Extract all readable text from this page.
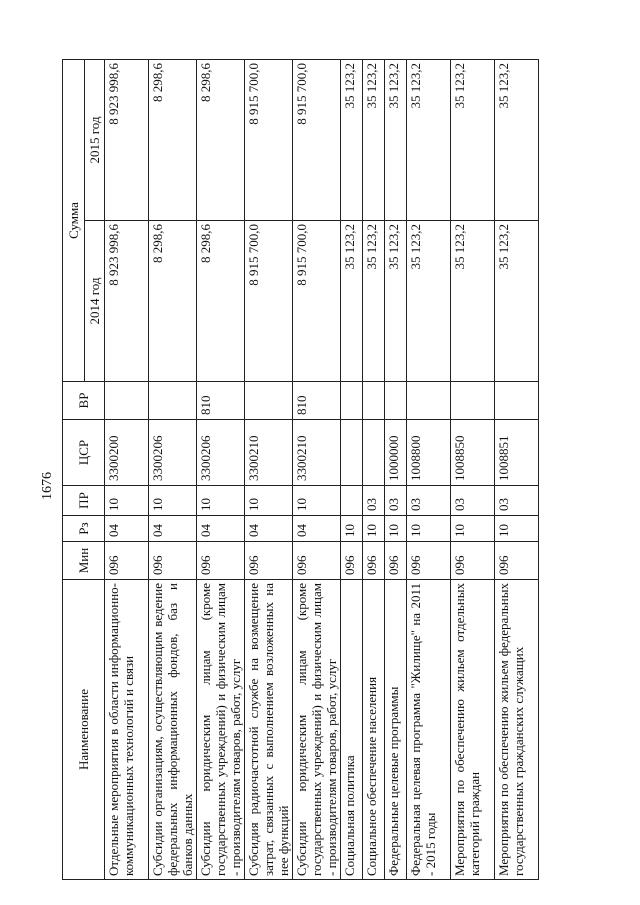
1676
Наименование	Мин	Рз	ПР	ЦСР	ВР	Сумма	
						2014 год	2015 год
Отдельные мероприятия в области информационно-коммуникационных технологий и связи	096	04	10	3300200		8 923 998,6	8 923 998,6
Субсидии организациям, осуществляющим ведение федеральных информационных фондов, баз и банков данных	096	04	10	3300206		8 298,6	8 298,6
Субсидии юридическим лицам (кроме государственных учреждений) и физическим лицам - производителям товаров, работ, услуг	096	04	10	3300206	810	8 298,6	8 298,6
Субсидия радиочастотной службе на возмещение затрат, связанных с выполнением возложенных на нее функций	096	04	10	3300210		8 915 700,0	8 915 700,0
Субсидии юридическим лицам (кроме государственных учреждений) и физическим лицам - производителям товаров, работ, услуг	096	04	10	3300210	810	8 915 700,0	8 915 700,0
Социальная политика	096	10				35 123,2	35 123,2
Социальное обеспечение населения	096	10	03			35 123,2	35 123,2
Федеральные целевые программы	096	10	03	1000000		35 123,2	35 123,2
Федеральная целевая программа "Жилище" на 2011 - 2015 годы	096	10	03	1008800		35 123,2	35 123,2
Мероприятия по обеспечению жильем отдельных категорий граждан	096	10	03	1008850		35 123,2	35 123,2
Мероприятия по обеспечению жильем федеральных государственных гражданских служащих	096	10	03	1008851		35 123,2	35 123,2
